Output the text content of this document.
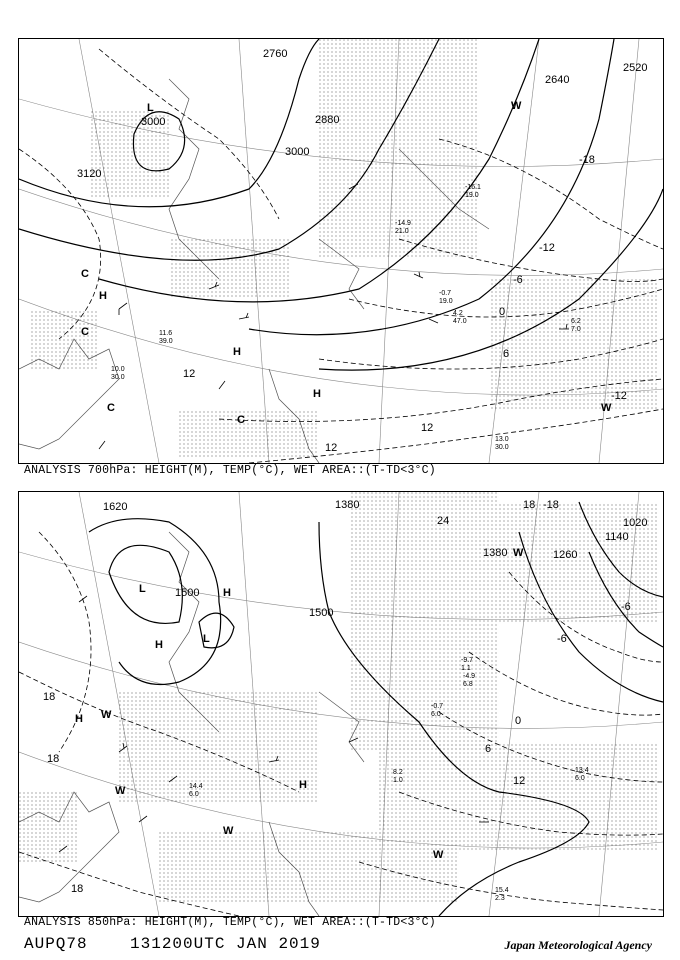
3000
3120
3000
2880
2760
2640
2520
-18
-12
-6
0
6
12
-12
12
12
L
H
H
H
C
C
C
C
W
W
11.6
39.0
10.0
30.0
4.2
47.0	6.2
7.0
13.0
30.0
-0.7
19.0
-14.9
21.0
-16.1
19.0
ANALYSIS 700hPa: HEIGHT(M), TEMP(°C), WET AREA::(T-TD<3°C)
1620
1500
1380
1260
1140
1020
1500
1380
24
18 -18
-6
-6
0
6
12
18
18
18
L
L
H
H
H
H
W
W
W
W
W
14.4
6.0
13.4
6.0
15.4
2.3
8.2
1.0
-9.7
1.1
-4.9
6.8
-0.7
6.0
ANALYSIS 850hPa: HEIGHT(M), TEMP(°C), WET AREA::(T-TD<3°C)
AUPQ78	131200UTC JAN 2019	Japan Meteorological Agency
